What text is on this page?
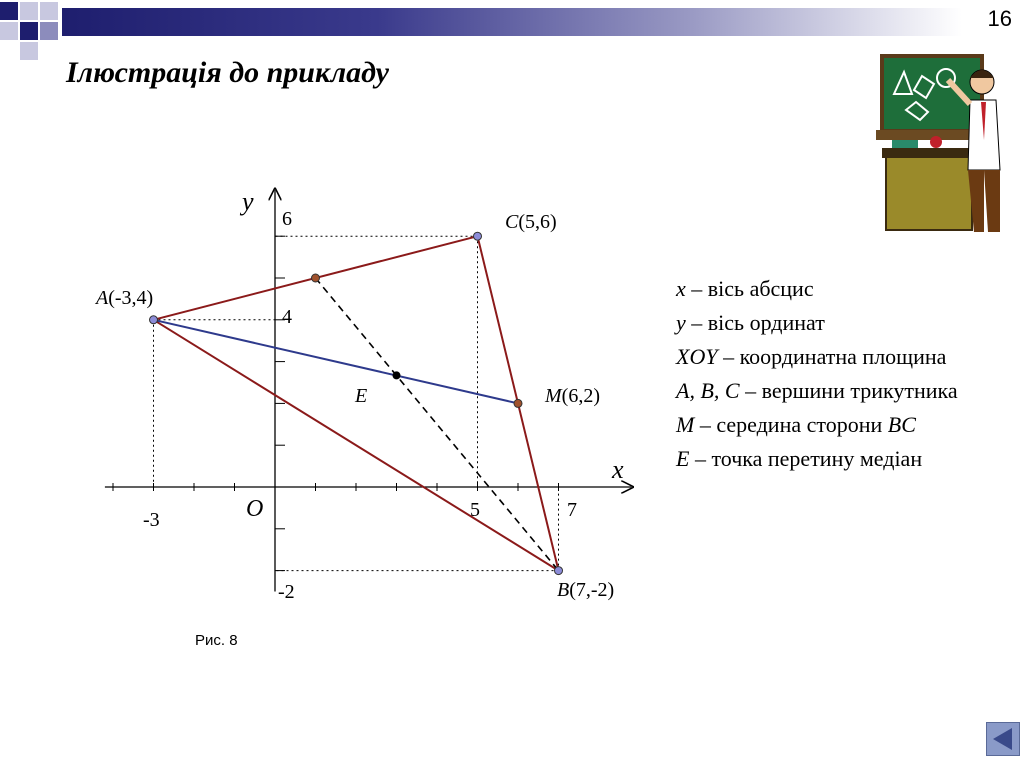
16
Ілюстрація до прикладу
x
y
O
6
4
-2
-3	5	7
A(-3,4)
C(5,6)
M(6,2)
B(7,-2)
E

x – вісь абсцис

y – вісь ординат

XOY – координатна площина

A, B, C – вершини трикутника

M – середина сторони BC

E – точка перетину медіан

Рис. 8
